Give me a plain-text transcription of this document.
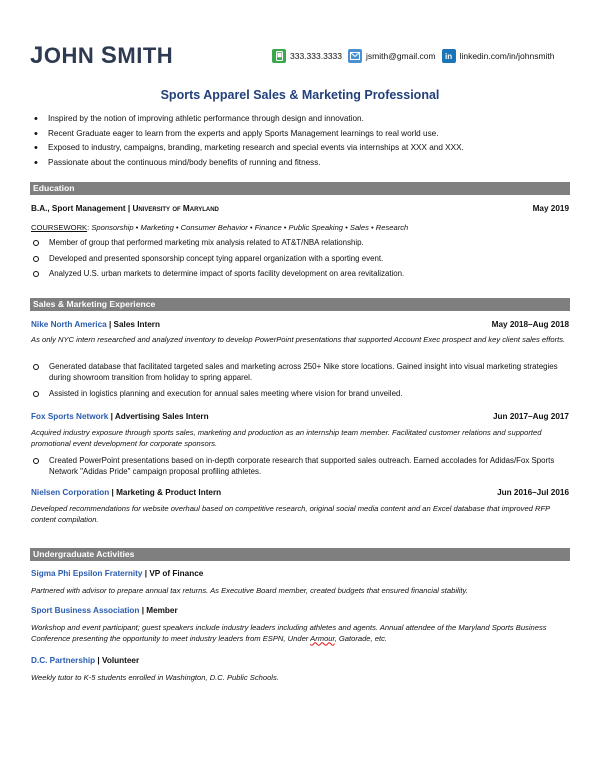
JOHN SMITH	333.333.3333	jsmith@gmail.com	in linkedin.com/in/johnsmith
Sports Apparel Sales & Marketing Professional
• Inspired by the notion of improving athletic performance through design and innovation.
• Recent Graduate eager to learn from the experts and apply Sports Management learnings to real world use.
• Exposed to industry, campaigns, branding, marketing research and special events via internships at XXX and XXX.
• Passionate about the continuous mind/body benefits of running and fitness.
Education
B.A., Sport Management | University of Maryland	May 2019
COURSEWORK: Sponsorship • Marketing • Consumer Behavior • Finance • Public Speaking • Sales • Research
Member of group that performed marketing mix analysis related to AT&T/NBA relationship.
Developed and presented sponsorship concept tying apparel organization with a sporting event.
Analyzed U.S. urban markets to determine impact of sports facility development on area revitalization.
Sales & Marketing Experience
Nike North America | Sales Intern	May 2018–Aug 2018
As only NYC intern researched and analyzed inventory to develop PowerPoint presentations that supported Account Exec prospect and key client sales efforts.
Generated database that facilitated targeted sales and marketing across 250+ Nike store locations. Gained insight into visual marketing strategies during showroom transition from holiday to spring apparel.
Assisted in logistics planning and execution for annual sales meeting where vision for brand unveiled.
Fox Sports Network | Advertising Sales Intern	Jun 2017–Aug 2017
Acquired industry exposure through sports sales, marketing and production as an internship team member. Facilitated customer relations and supported promotional event development for corporate sponsors.
Created PowerPoint presentations based on in-depth corporate research that supported sales outreach. Earned accolades for Adidas/Fox Sports Network "Adidas Pride" campaign proposal profiling athletes.
Nielsen Corporation | Marketing & Product Intern	Jun 2016–Jul 2016
Developed recommendations for website overhaul based on competitive research, original social media content and an Excel database that improved RFP content compilation.
Undergraduate Activities
Sigma Phi Epsilon Fraternity | VP of Finance
Partnered with advisor to prepare annual tax returns. As Executive Board member, created budgets that ensured financial stability.
Sport Business Association | Member
Workshop and event participant; guest speakers include industry leaders including athletes and agents. Annual attendee of the Maryland Sports Business Conference presenting the opportunity to meet industry leaders from ESPN, Under Armour, Gatorade, etc.
D.C. Partnership | Volunteer
Weekly tutor to K-5 students enrolled in Washington, D.C. Public Schools.
